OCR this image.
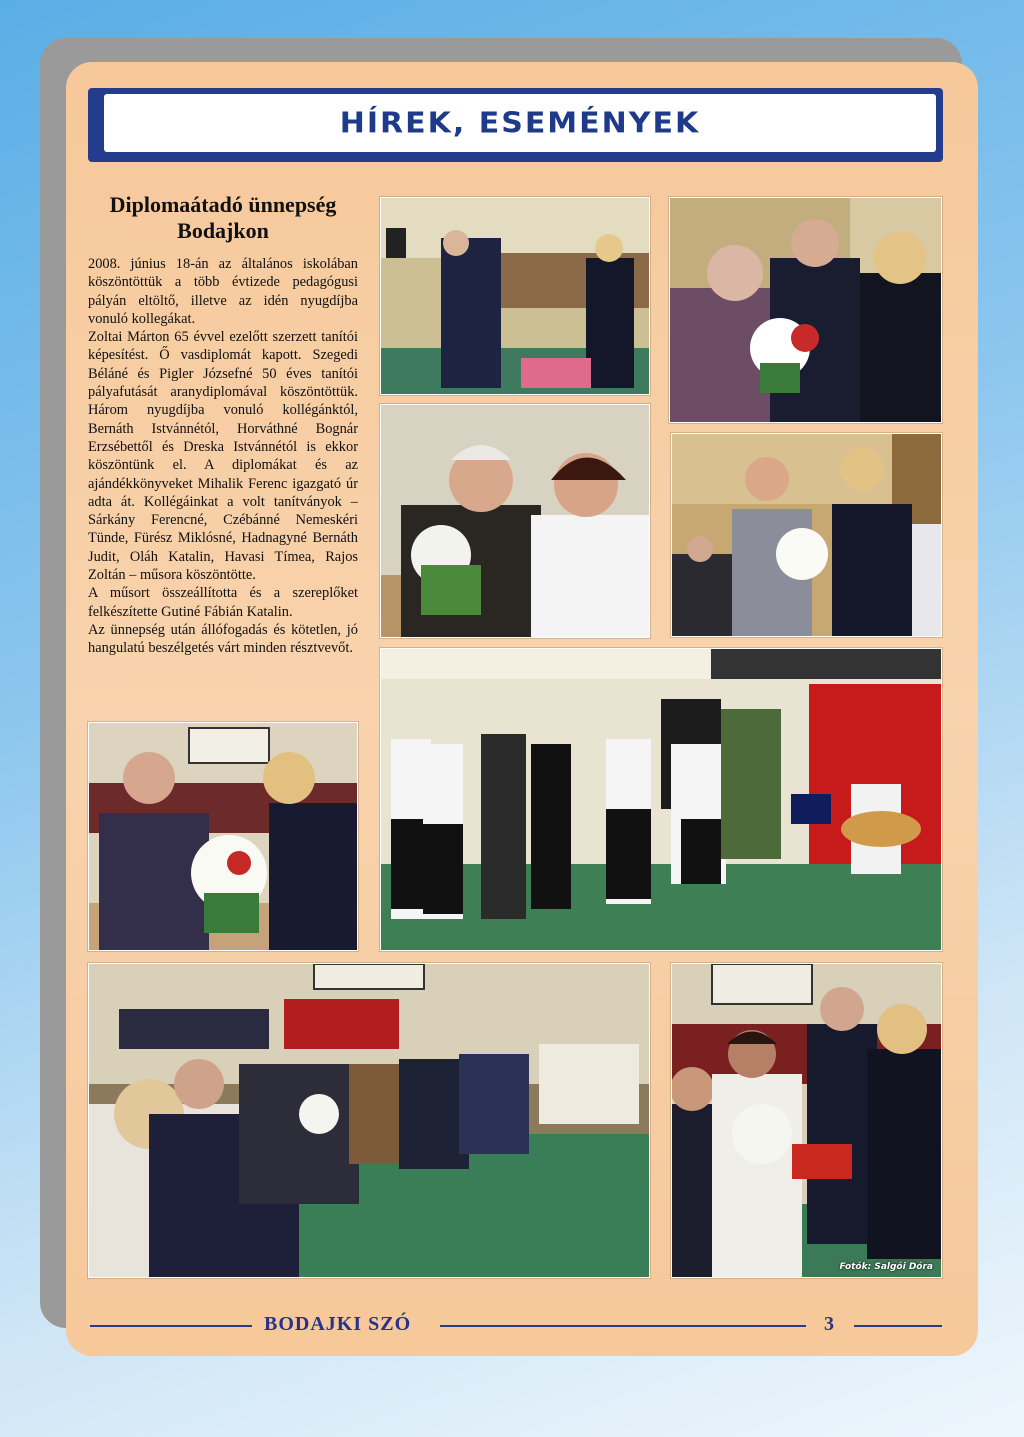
HÍREK, ESEMÉNYEK
Diplomaátadó ünnepség
Bodajkon

2008. június 18-án az általános iskolában köszöntöttük a több évtizede pedagógusi pályán eltöltő, illetve az idén nyugdíjba vonuló kollegákat.

Zoltai Márton 65 évvel ezelőtt szerzett tanítói képesítést. Ő vasdiplomát kapott. Szegedi Béláné és Pigler Józsefné 50 éves tanítói pályafutását aranydiplomával köszöntöttük. Három nyugdíjba vonuló kollégánktól, Bernáth Istvánnétól, Horváthné Bognár Erzsébettől és Dreska Istvánnétól is ekkor köszöntünk el. A diplomákat és az ajándékkönyveket Mihalik Ferenc igazgató úr adta át. Kollégáinkat a volt tanítványok – Sárkány Ferencné, Czébánné Nemeskéri Tünde, Fürész Miklósné, Hadnagyné Bernáth Judit, Oláh Katalin, Havasi Tímea, Rajos Zoltán – műsora köszöntötte.

A műsort összeállította és a szereplőket felkészítette Gutiné Fábián Katalin.

Az ünnepség után állófogadás és kötetlen, jó hangulatú beszélgetés várt minden résztvevőt.

Fotók: Salgói Dóra
BODAJKI SZÓ	3
